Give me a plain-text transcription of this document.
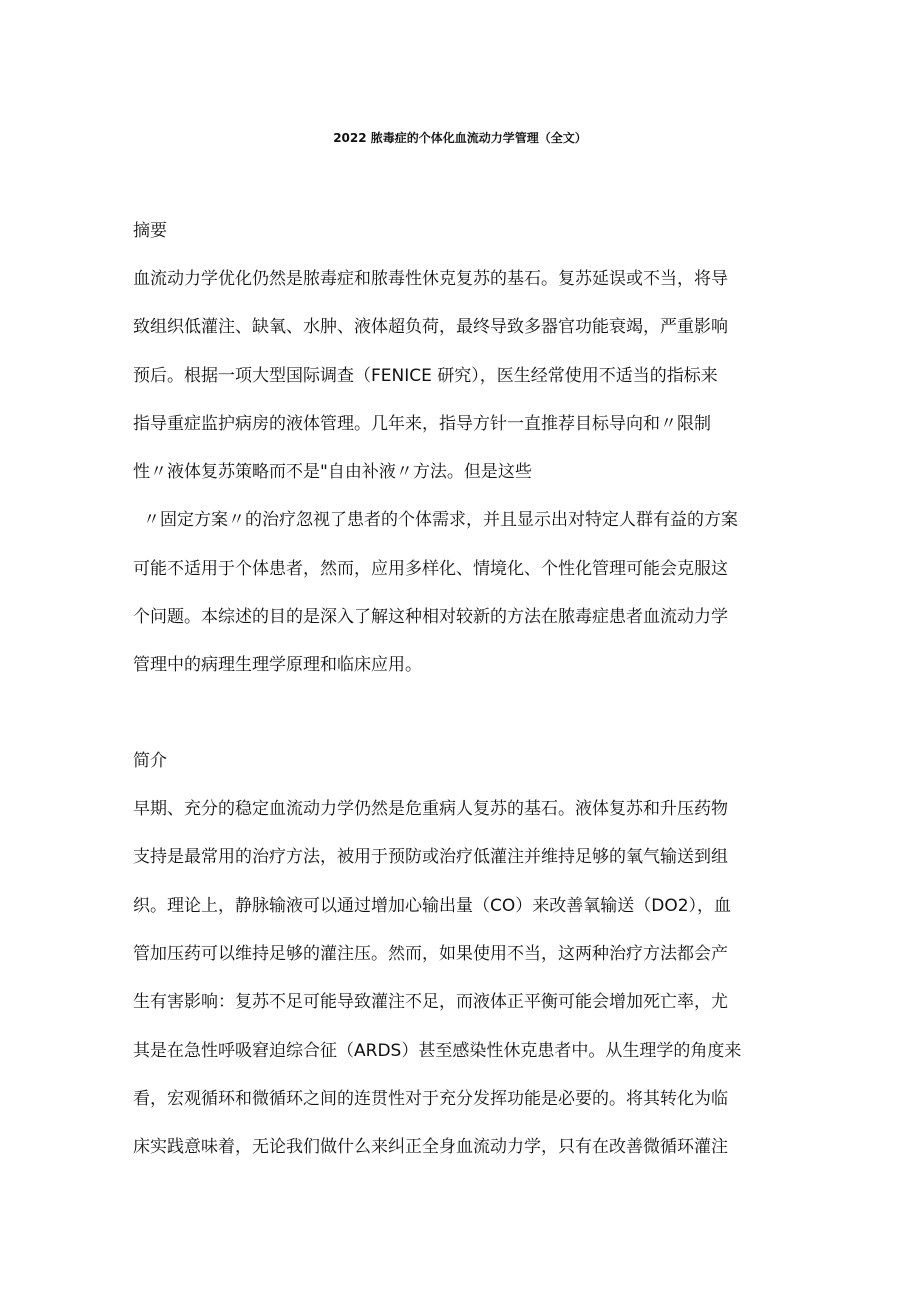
2022 脓毒症的个体化血流动力学管理（全文）
摘要
血流动力学优化仍然是脓毒症和脓毒性休克复苏的基石。复苏延误或不当，将导
致组织低灌注、缺氧、水肿、液体超负荷，最终导致多器官功能衰竭，严重影响
预后。根据一项大型国际调查（FENICE 研究），医生经常使用不适当的指标来
指导重症监护病房的液体管理。几年来，指导方针一直推荐目标导向和〃限制
性〃液体复苏策略而不是"自由补液〃方法。但是这些
〃固定方案〃的治疗忽视了患者的个体需求，并且显示出对特定人群有益的方案
可能不适用于个体患者，然而，应用多样化、情境化、个性化管理可能会克服这
个问题。本综述的目的是深入了解这种相对较新的方法在脓毒症患者血流动力学
管理中的病理生理学原理和临床应用。
简介
早期、充分的稳定血流动力学仍然是危重病人复苏的基石。液体复苏和升压药物
支持是最常用的治疗方法，被用于预防或治疗低灌注并维持足够的氧气输送到组
织。理论上，静脉输液可以通过增加心输出量（CO）来改善氧输送（DO2），血
管加压药可以维持足够的灌注压。然而，如果使用不当，这两种治疗方法都会产
生有害影响：复苏不足可能导致灌注不足，而液体正平衡可能会增加死亡率，尤
其是在急性呼吸窘迫综合征（ARDS）甚至感染性休克患者中。从生理学的角度来
看，宏观循环和微循环之间的连贯性对于充分发挥功能是必要的。将其转化为临
床实践意味着，无论我们做什么来纠正全身血流动力学，只有在改善微循环灌注
